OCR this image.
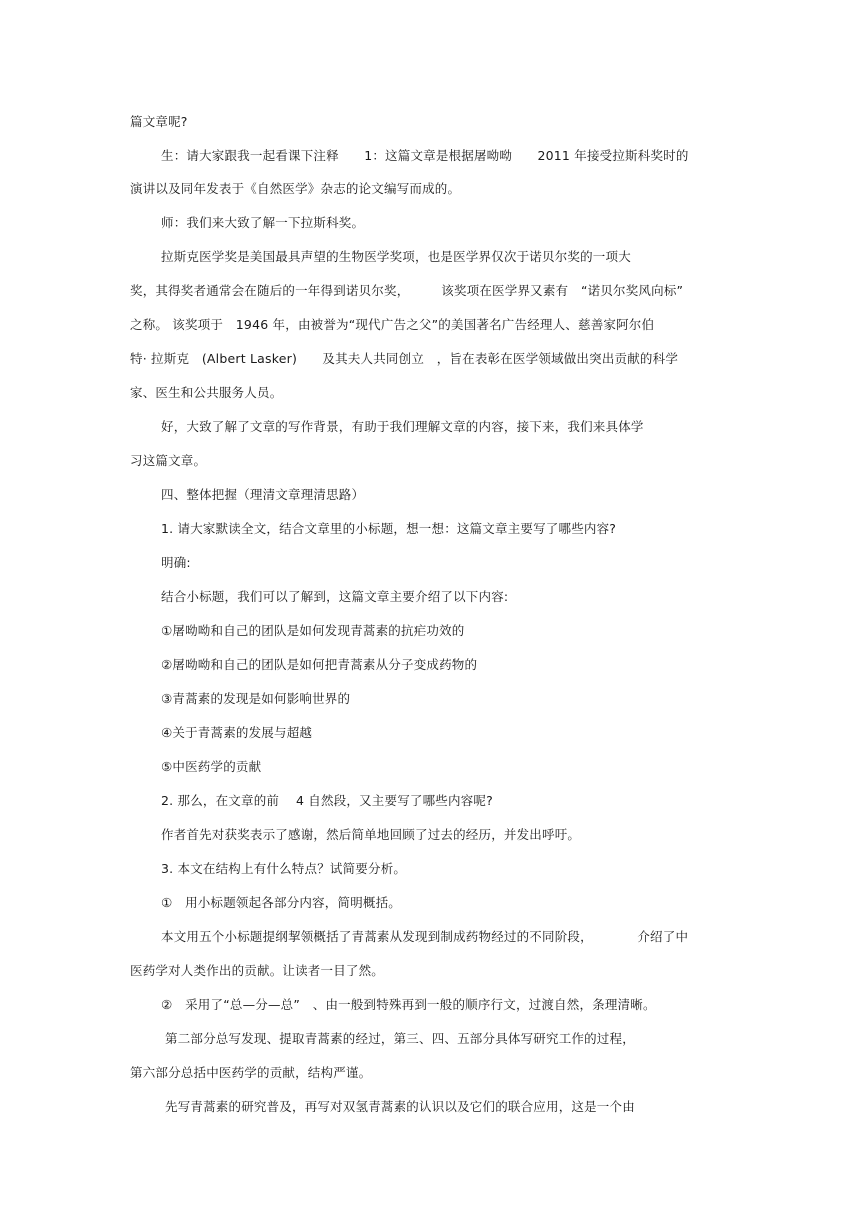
篇文章呢?
生：请大家跟我一起看课下注释　　1：这篇文章是根据屠呦呦　　2011 年接受拉斯科奖时的
演讲以及同年发表于《自然医学》杂志的论文编写而成的。
师：我们来大致了解一下拉斯科奖。
拉斯克医学奖是美国最具声望的生物医学奖项，也是医学界仅次于诺贝尔奖的一项大
奖，其得奖者通常会在随后的一年得到诺贝尔奖，　　　该奖项在医学界又素有　“诺贝尔奖风向标”
之称。 该奖项于　1946 年，由被誉为“现代广告之父”的美国著名广告经理人、慈善家阿尔伯
特· 拉斯克　(Albert Lasker)　　及其夫人共同创立　，旨在表彰在医学领域做出突出贡献的科学
家、医生和公共服务人员。
好，大致了解了文章的写作背景，有助于我们理解文章的内容，接下来，我们来具体学
习这篇文章。
四、整体把握（理清文章理清思路）
1. 请大家默读全文，结合文章里的小标题，想一想：这篇文章主要写了哪些内容?
明确:
结合小标题，我们可以了解到，这篇文章主要介绍了以下内容:
①屠呦呦和自己的团队是如何发现青蒿素的抗疟功效的
②屠呦呦和自己的团队是如何把青蒿素从分子变成药物的
③青蒿素的发现是如何影响世界的
④关于青蒿素的发展与超越
⑤中医药学的贡献
2. 那么，在文章的前　 4 自然段，又主要写了哪些内容呢?
作者首先对获奖表示了感谢，然后简单地回顾了过去的经历，并发出呼吁。
3. 本文在结构上有什么特点？试简要分析。
①　用小标题领起各部分内容，简明概括。
本文用五个小标题提纲挈领概括了青蒿素从发现到制成药物经过的不同阶段，　　　　介绍了中
医药学对人类作出的贡献。让读者一目了然。
②　采用了“总—分—总”　、由一般到特殊再到一般的顺序行文，过渡自然，条理清晰。
第二部分总写发现、提取青蒿素的经过，第三、四、五部分具体写研究工作的过程，
第六部分总括中医药学的贡献，结构严谨。
先写青蒿素的研究普及，再写对双氢青蒿素的认识以及它们的联合应用，这是一个由
